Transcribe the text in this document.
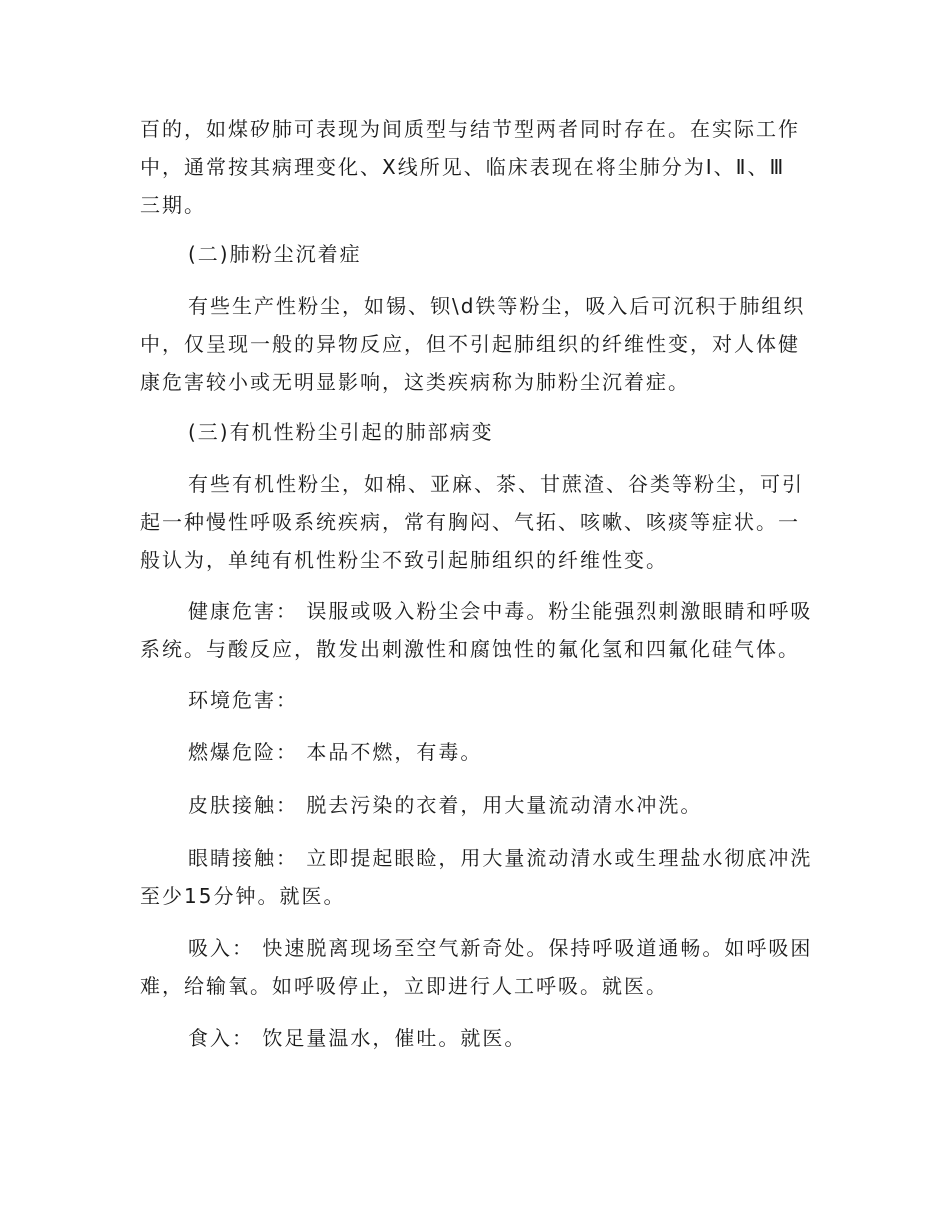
百的，如煤矽肺可表现为间质型与结节型两者同时存在。在实际工作
中，通常按其病理变化、X线所见、临床表现在将尘肺分为Ⅰ、Ⅱ、Ⅲ
三期。
(二)肺粉尘沉着症
有些生产性粉尘，如锡、钡\d铁等粉尘，吸入后可沉积于肺组织
中，仅呈现一般的异物反应，但不引起肺组织的纤维性变，对人体健
康危害较小或无明显影响，这类疾病称为肺粉尘沉着症。
(三)有机性粉尘引起的肺部病变
有些有机性粉尘，如棉、亚麻、茶、甘蔗渣、谷类等粉尘，可引
起一种慢性呼吸系统疾病，常有胸闷、气拓、咳嗽、咳痰等症状。一
般认为，单纯有机性粉尘不致引起肺组织的纤维性变。
健康危害： 误服或吸入粉尘会中毒。粉尘能强烈刺激眼睛和呼吸
系统。与酸反应，散发出刺激性和腐蚀性的氟化氢和四氟化硅气体。
环境危害：
燃爆危险： 本品不燃，有毒。
皮肤接触： 脱去污染的衣着，用大量流动清水冲洗。
眼睛接触： 立即提起眼睑，用大量流动清水或生理盐水彻底冲洗
至少15分钟。就医。
吸入： 快速脱离现场至空气新奇处。保持呼吸道通畅。如呼吸困
难，给输氧。如呼吸停止，立即进行人工呼吸。就医。
食入： 饮足量温水，催吐。就医。
